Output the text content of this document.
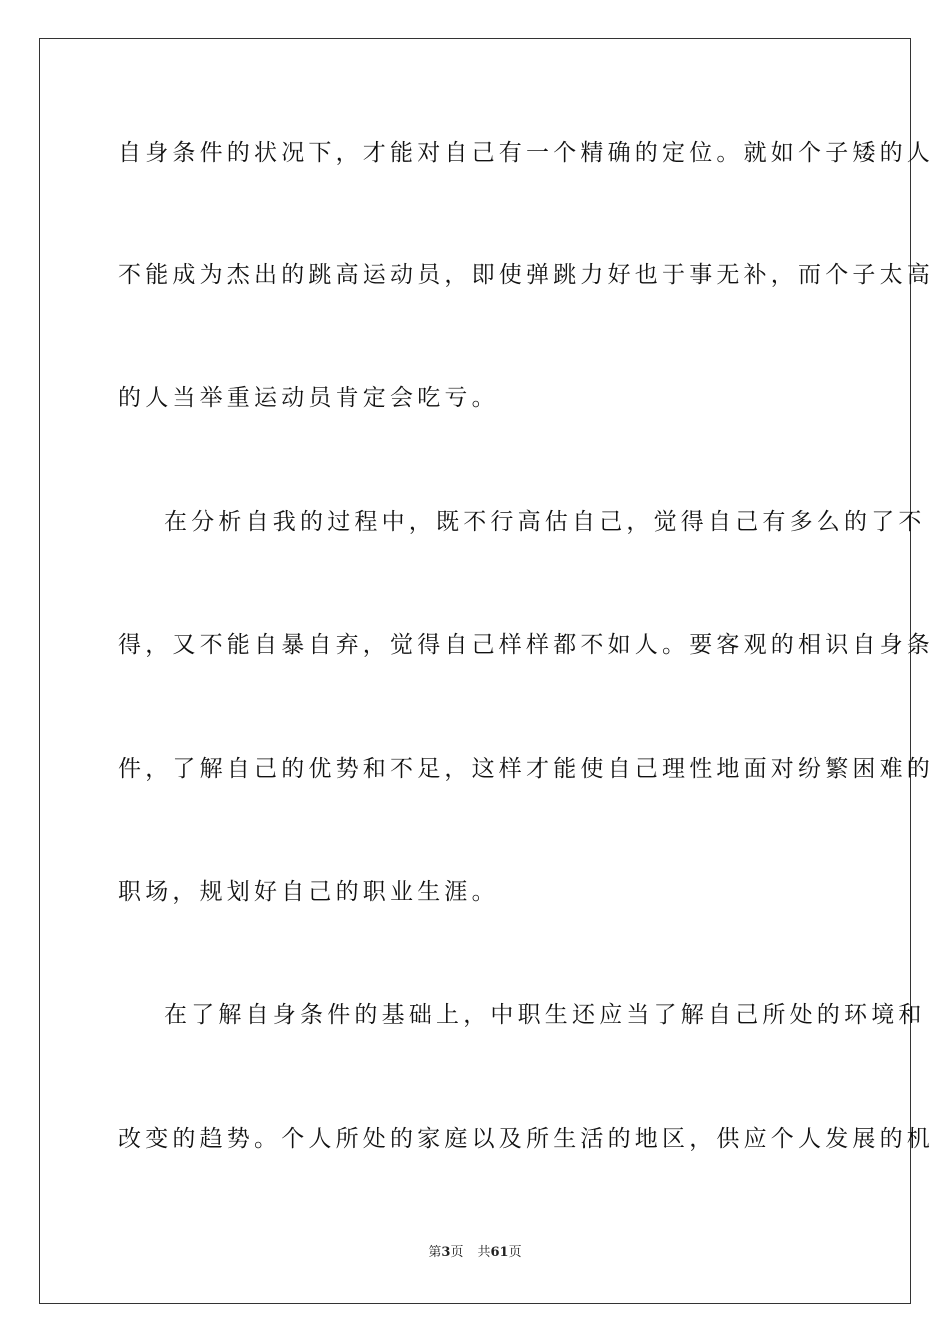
自身条件的状况下，才能对自己有一个精确的定位。就如个子矮的人
不能成为杰出的跳高运动员，即使弹跳力好也于事无补，而个子太高
的人当举重运动员肯定会吃亏。
在分析自我的过程中，既不行高估自己，觉得自己有多么的了不
得，又不能自暴自弃，觉得自己样样都不如人。要客观的相识自身条
件，了解自己的优势和不足，这样才能使自己理性地面对纷繁困难的
职场，规划好自己的职业生涯。
在了解自身条件的基础上，中职生还应当了解自己所处的环境和
改变的趋势。个人所处的家庭以及所生活的地区，供应个人发展的机
第3页 共61页
